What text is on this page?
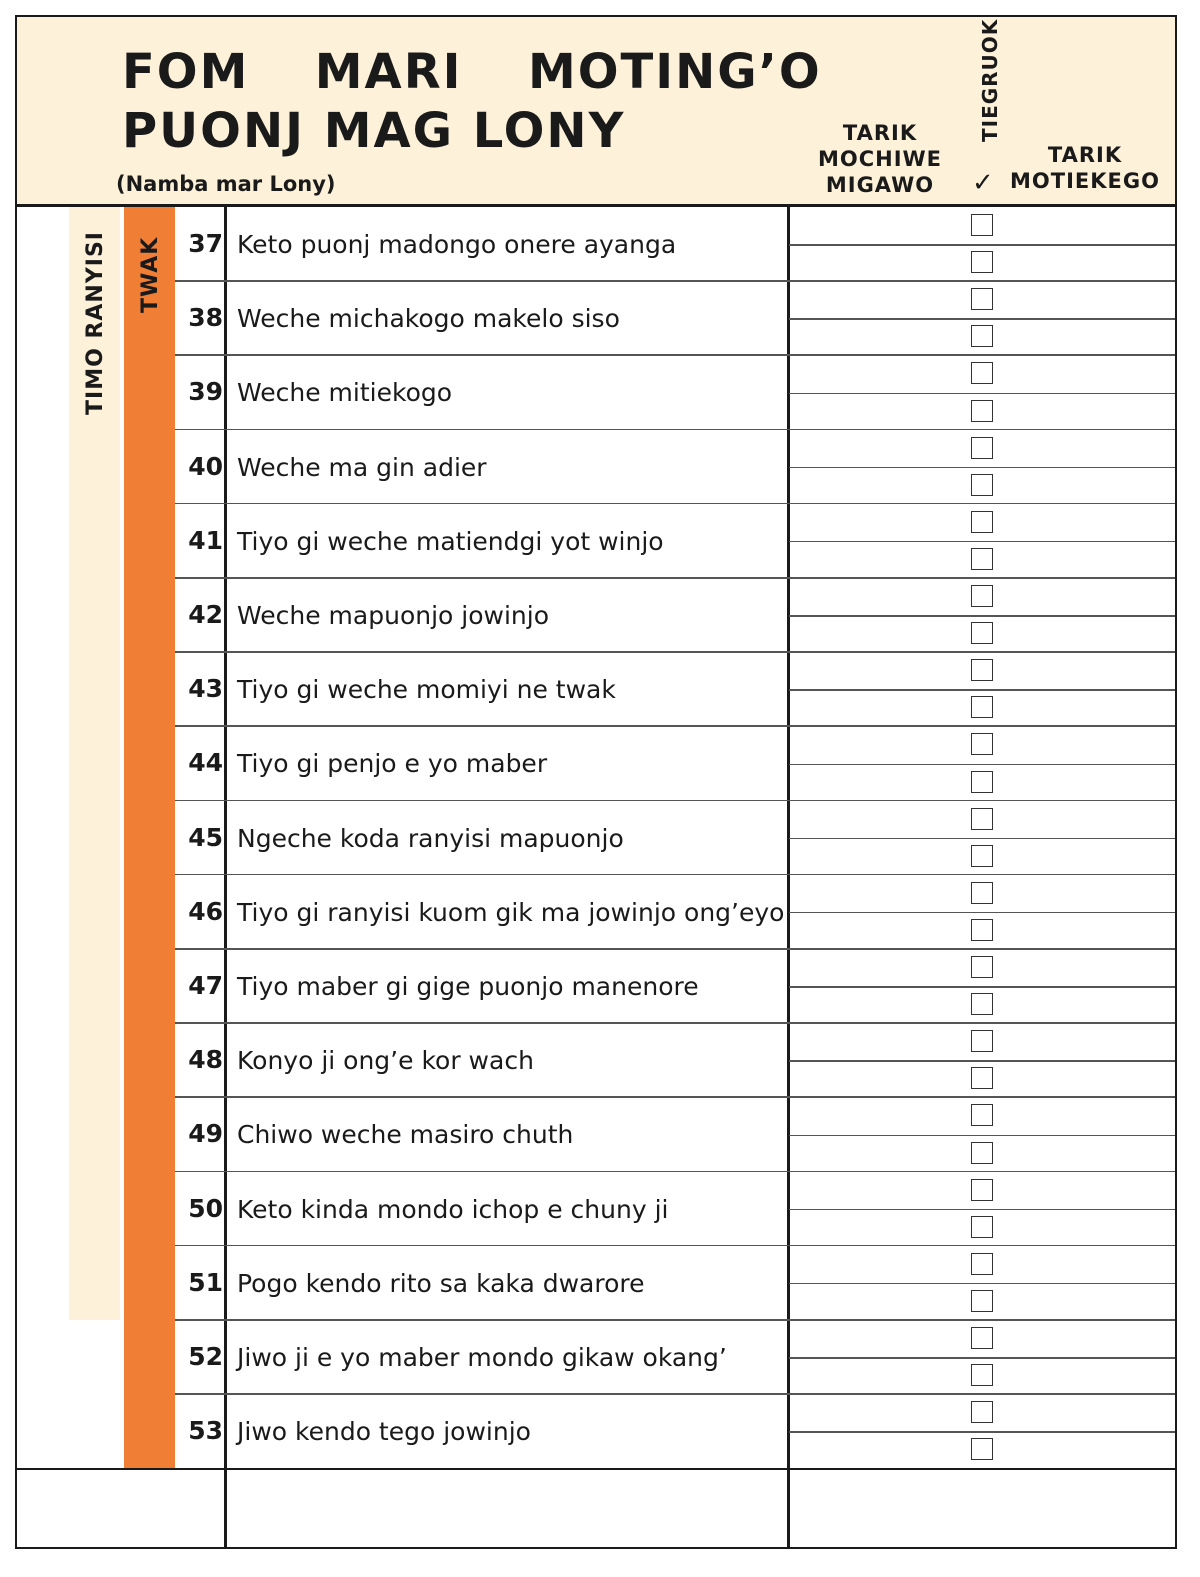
FOM  MARI  MOTING’O
PUONJ MAG LONY
(Namba mar Lony)
TARIK
MOCHIWE
MIGAWO
TIEGRUOK
✓
TARIK
MOTIEKEGO
TIMO RANYISI TWAK	37 Keto puonj madongo onere ayanga
38 Weche michakogo makelo siso
39 Weche mitiekogo
40 Weche ma gin adier
41 Tiyo gi weche matiendgi yot winjo
42 Weche mapuonjo jowinjo
43 Tiyo gi weche momiyi ne twak
44 Tiyo gi penjo e yo maber
45 Ngeche koda ranyisi mapuonjo
46 Tiyo gi ranyisi kuom gik ma jowinjo ong’eyo
47 Tiyo maber gi gige puonjo manenore
48 Konyo ji ong’e kor wach
49 Chiwo weche masiro chuth
50 Keto kinda mondo ichop e chuny ji
51 Pogo kendo rito sa kaka dwarore
52 Jiwo ji e yo maber mondo gikaw okang’
53 Jiwo kendo tego jowinjo
